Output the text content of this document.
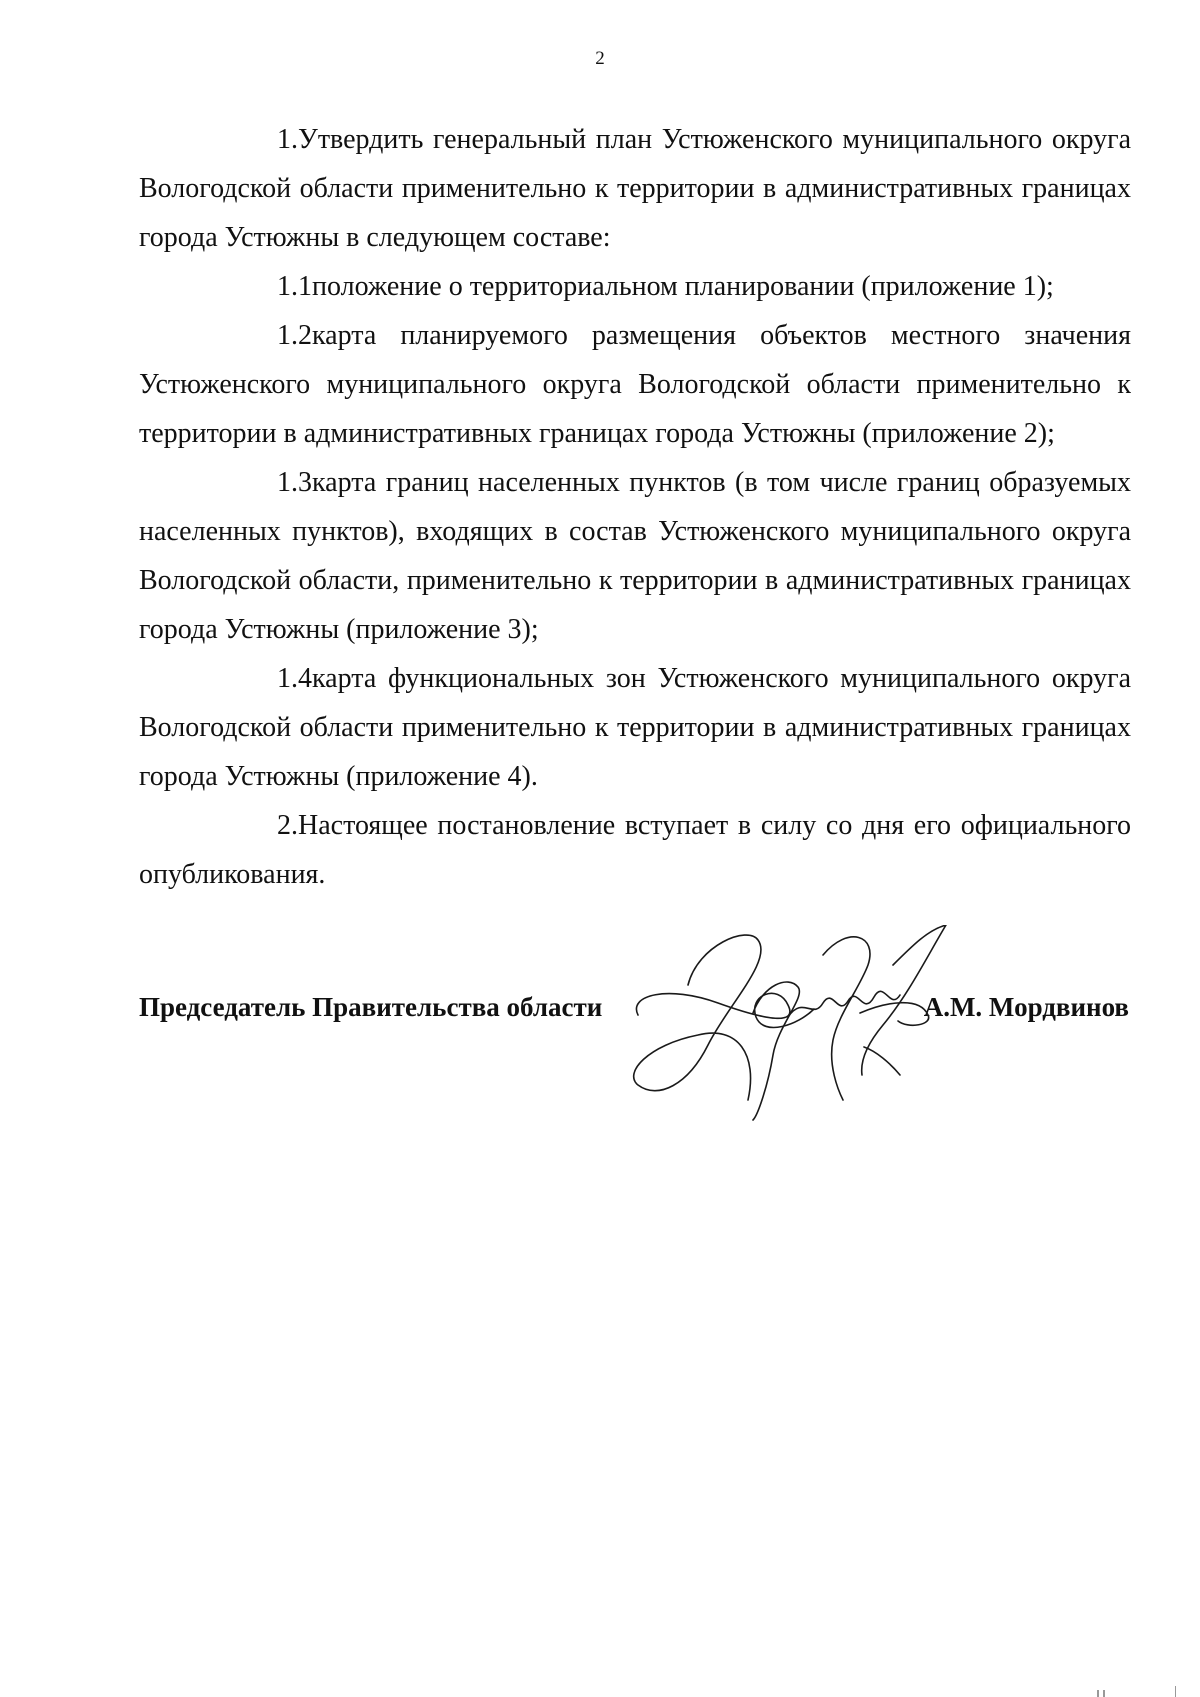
2

1.Утвердить генеральный план Устюженского муниципального округа Вологодской области применительно к территории в административных границах города Устюжны в следующем составе:

1.1положение о территориальном планировании (приложение 1);

1.2карта планируемого размещения объектов местного значения Устюженского муниципального округа Вологодской области применительно к территории в административных границах города Устюжны (приложение 2);

1.3карта границ населенных пунктов (в том числе границ образуемых населенных пунктов), входящих в состав Устюженского муниципального округа Вологодской области, применительно к территории в административных границах города Устюжны (приложение 3);

1.4карта функциональных зон Устюженского муниципального округа Вологодской области применительно к территории в административных границах города Устюжны (приложение 4).

2.Настоящее постановление вступает в силу со дня его официального опубликования.

Председатель Правительства области	А.М. Мордвинов
